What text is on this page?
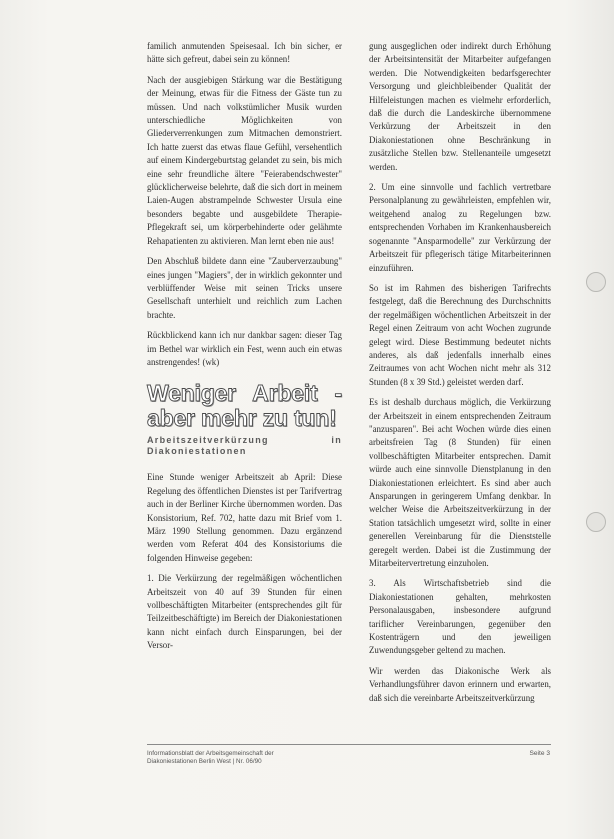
familich anmutenden Speisesaal. Ich bin sicher, er hätte sich gefreut, dabei sein zu können!

Nach der ausgiebigen Stärkung war die Bestätigung der Meinung, etwas für die Fitness der Gäste tun zu müssen. Und nach volkstümlicher Musik wurden unterschiedliche Möglichkeiten von Gliederverrenkungen zum Mitmachen demonstriert. Ich hatte zuerst das etwas flaue Gefühl, versehentlich auf einem Kindergeburtstag gelandet zu sein, bis mich eine sehr freundliche ältere "Feierabendschwester" glücklicherweise belehrte, daß die sich dort in meinem Laien-Augen abstrampelnde Schwester Ursula eine besonders begabte und ausgebildete Therapie-Pflegekraft sei, um körperbehinderte oder gelähmte Rehapatienten zu aktivieren. Man lernt eben nie aus!

Den Abschluß bildete dann eine "Zauberverzaubung" eines jungen "Magiers", der in wirklich gekonnter und verblüffender Weise mit seinen Tricks unsere Gesellschaft unterhielt und reichlich zum Lachen brachte.

Rückblickend kann ich nur dankbar sagen: dieser Tag im Bethel war wirklich ein Fest, wenn auch ein etwas anstrengendes! (wk)

Weniger Arbeit - aber mehr zu tun!
Arbeitszeitverkürzung in Diakoniestationen

Eine Stunde weniger Arbeitszeit ab April: Diese Regelung des öffentlichen Dienstes ist per Tarifvertrag auch in der Berliner Kirche übernommen worden. Das Konsistorium, Ref. 702, hatte dazu mit Brief vom 1. März 1990 Stellung genommen. Dazu ergänzend werden vom Referat 404 des Konsistoriums die folgenden Hinweise gegeben:

1. Die Verkürzung der regelmäßigen wöchentlichen Arbeitszeit von 40 auf 39 Stunden für einen vollbeschäftigten Mitarbeiter (entsprechendes gilt für Teilzeitbeschäftigte) im Bereich der Diakoniestationen kann nicht einfach durch Einsparungen, bei der Versor-

gung ausgeglichen oder indirekt durch Erhöhung der Arbeitsintensität der Mitarbeiter aufgefangen werden. Die Notwendigkeiten bedarfsgerechter Versorgung und gleichbleibender Qualität der Hilfeleistungen machen es vielmehr erforderlich, daß die durch die Landeskirche übernommene Verkürzung der Arbeitszeit in den Diakoniestationen ohne Beschränkung in zusätzliche Stellen bzw. Stellenanteile umgesetzt werden.

2. Um eine sinnvolle und fachlich vertretbare Personalplanung zu gewährleisten, empfehlen wir, weitgehend analog zu Regelungen bzw. entsprechenden Vorhaben im Krankenhausbereich sogenannte "Ansparmodelle" zur Verkürzung der Arbeitszeit für pflegerisch tätige Mitarbeiterinnen einzuführen.

So ist im Rahmen des bisherigen Tarifrechts festgelegt, daß die Berechnung des Durchschnitts der regelmäßigen wöchentlichen Arbeitszeit in der Regel einen Zeitraum von acht Wochen zugrunde gelegt wird. Diese Bestimmung bedeutet nichts anderes, als daß jedenfalls innerhalb eines Zeitraumes von acht Wochen nicht mehr als 312 Stunden (8 x 39 Std.) geleistet werden darf.

Es ist deshalb durchaus möglich, die Verkürzung der Arbeitszeit in einem entsprechenden Zeitraum "anzusparen". Bei acht Wochen würde dies einen arbeitsfreien Tag (8 Stunden) für einen vollbeschäftigten Mitarbeiter entsprechen. Damit würde auch eine sinnvolle Dienstplanung in den Diakoniestationen erleichtert. Es sind aber auch Ansparungen in geringerem Umfang denkbar. In welcher Weise die Arbeitszeitverkürzung in der Station tatsächlich umgesetzt wird, sollte in einer generellen Vereinbarung für die Dienststelle geregelt werden. Dabei ist die Zustimmung der Mitarbeitervertretung einzuholen.

3. Als Wirtschaftsbetrieb sind die Diakoniestationen gehalten, mehrkosten Personalausgaben, insbesondere aufgrund tariflicher Vereinbarungen, gegenüber den Kostenträgern und den jeweiligen Zuwendungsgeber geltend zu machen.

Wir werden das Diakonische Werk als Verhandlungsführer davon erinnern und erwarten, daß sich die vereinbarte Arbeitszeitverkürzung

Informationsblatt der Arbeitsgemeinschaft der
Diakoniestationen Berlin West | Nr. 06/90
Seite 3
